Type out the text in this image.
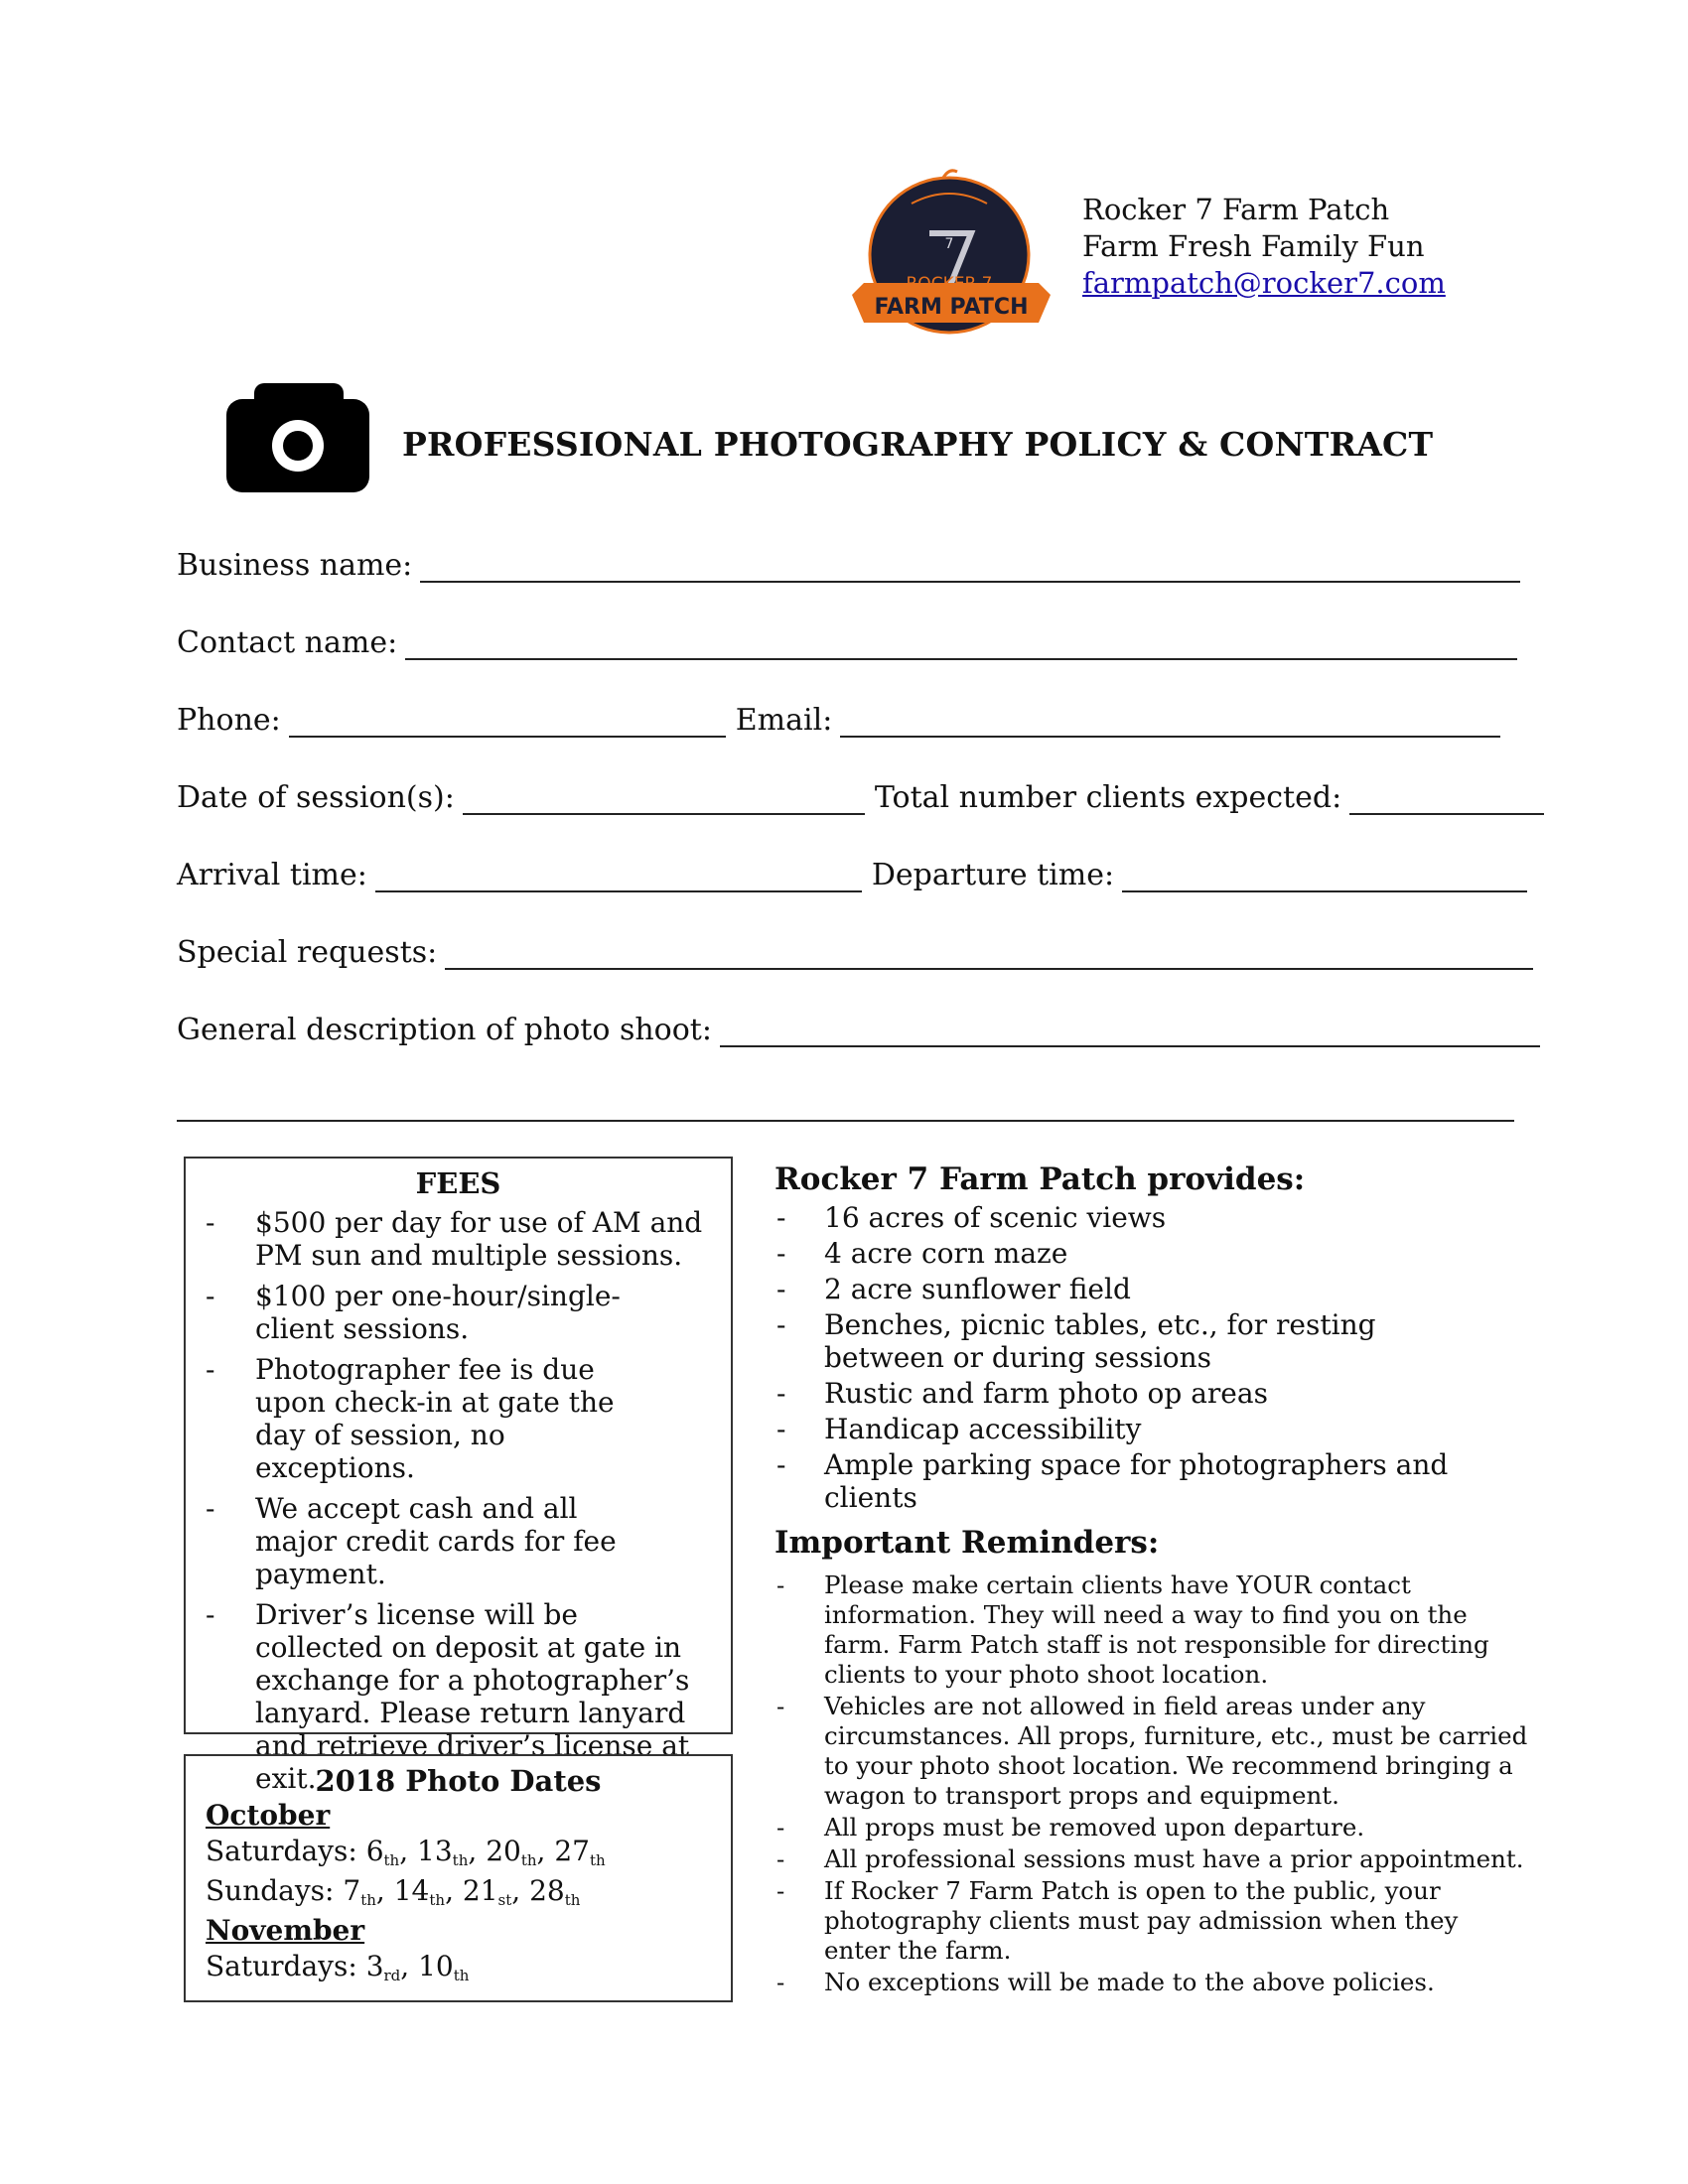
7
FARM PATCH
Rocker 7 Farm Patch
Farm Fresh Family Fun
farmpatch@rocker7.com
PROFESSIONAL PHOTOGRAPHY POLICY & CONTRACT
Business name:
Contact name:
Phone:	Email:
Date of session(s):	Total number clients expected:
Arrival time:	Departure time:
Special requests:
General description of photo shoot:
FEES
- $500 per day for use of AM and PM sun and multiple sessions.
- $100 per one-hour/single-client sessions.
- Photographer fee is due upon check-in at gate the day of session, no exceptions.
- We accept cash and all major credit cards for fee payment.
- Driver’s license will be collected on deposit at gate in exchange for a photographer’s lanyard. Please return lanyard and retrieve driver’s license at exit. 2018 Photo Dates
October
Saturdays: $6_{th}$, $13_{th}$, $20_{th}$, $27_{th}$
Sundays: $7_{th}$, $14_{th}$, $21_{st}$, $28_{th}$
November
Saturdays: $3_{rd}$, $10_{th}$
Rocker 7 Farm Patch provides:
- 16 acres of scenic views
- 4 acre corn maze
- 2 acre sunflower field
- Benches, picnic tables, etc., for resting between or during sessions
- Rustic and farm photo op areas
- Handicap accessibility
- Ample parking space for photographers and clients
Important Reminders:
- Please make certain clients have YOUR contact information. They will need a way to find you on the farm. Farm Patch staff is not responsible for directing clients to your photo shoot location.
- Vehicles are not allowed in field areas under any circumstances. All props, furniture, etc., must be carried to your photo shoot location. We recommend bringing a wagon to transport props and equipment.
- All props must be removed upon departure.
- All professional sessions must have a prior appointment.
- If Rocker 7 Farm Patch is open to the public, your photography clients must pay admission when they enter the farm.
- No exceptions will be made to the above policies.
